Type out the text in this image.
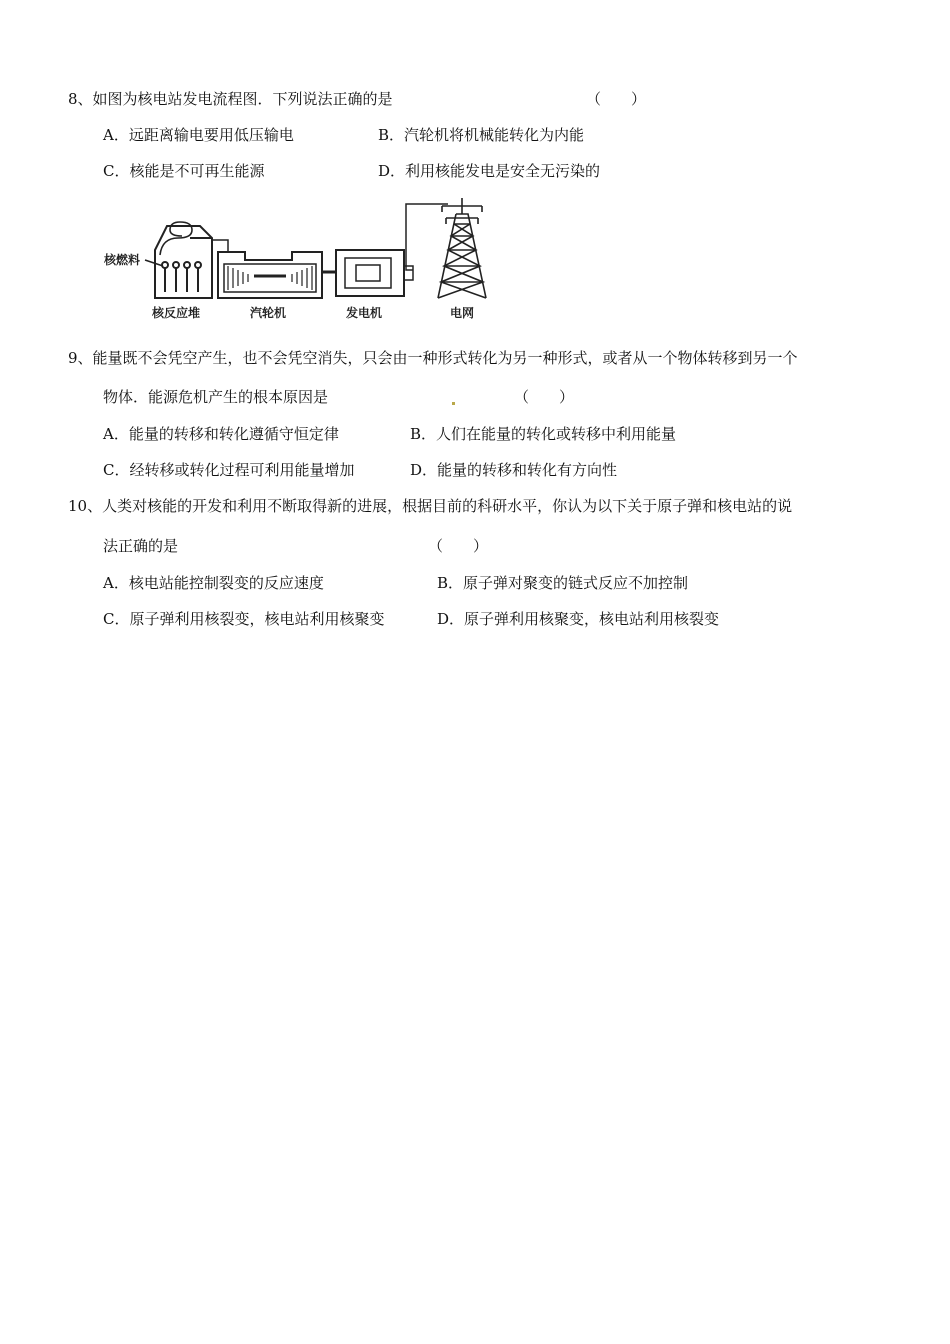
8、如图为核电站发电流程图．下列说法正确的是	（　　）
A．远距离输电要用低压输电	B．汽轮机将机械能转化为内能
C．核能是不可再生能源	D．利用核能发电是安全无污染的
核燃料
核反应堆	汽轮机	发电机	电网
9、能量既不会凭空产生，也不会凭空消失，只会由一种形式转化为另一种形式，或者从一个物体转移到另一个
物体．能源危机产生的根本原因是	（　　）
A．能量的转移和转化遵循守恒定律	B．人们在能量的转化或转移中利用能量
C．经转移或转化过程可利用能量增加	D．能量的转移和转化有方向性
10、人类对核能的开发和利用不断取得新的进展，根据目前的科研水平，你认为以下关于原子弹和核电站的说
法正确的是	（　　）
A．核电站能控制裂变的反应速度	B．原子弹对聚变的链式反应不加控制
C．原子弹利用核裂变，核电站利用核聚变	D．原子弹利用核聚变，核电站利用核裂变
